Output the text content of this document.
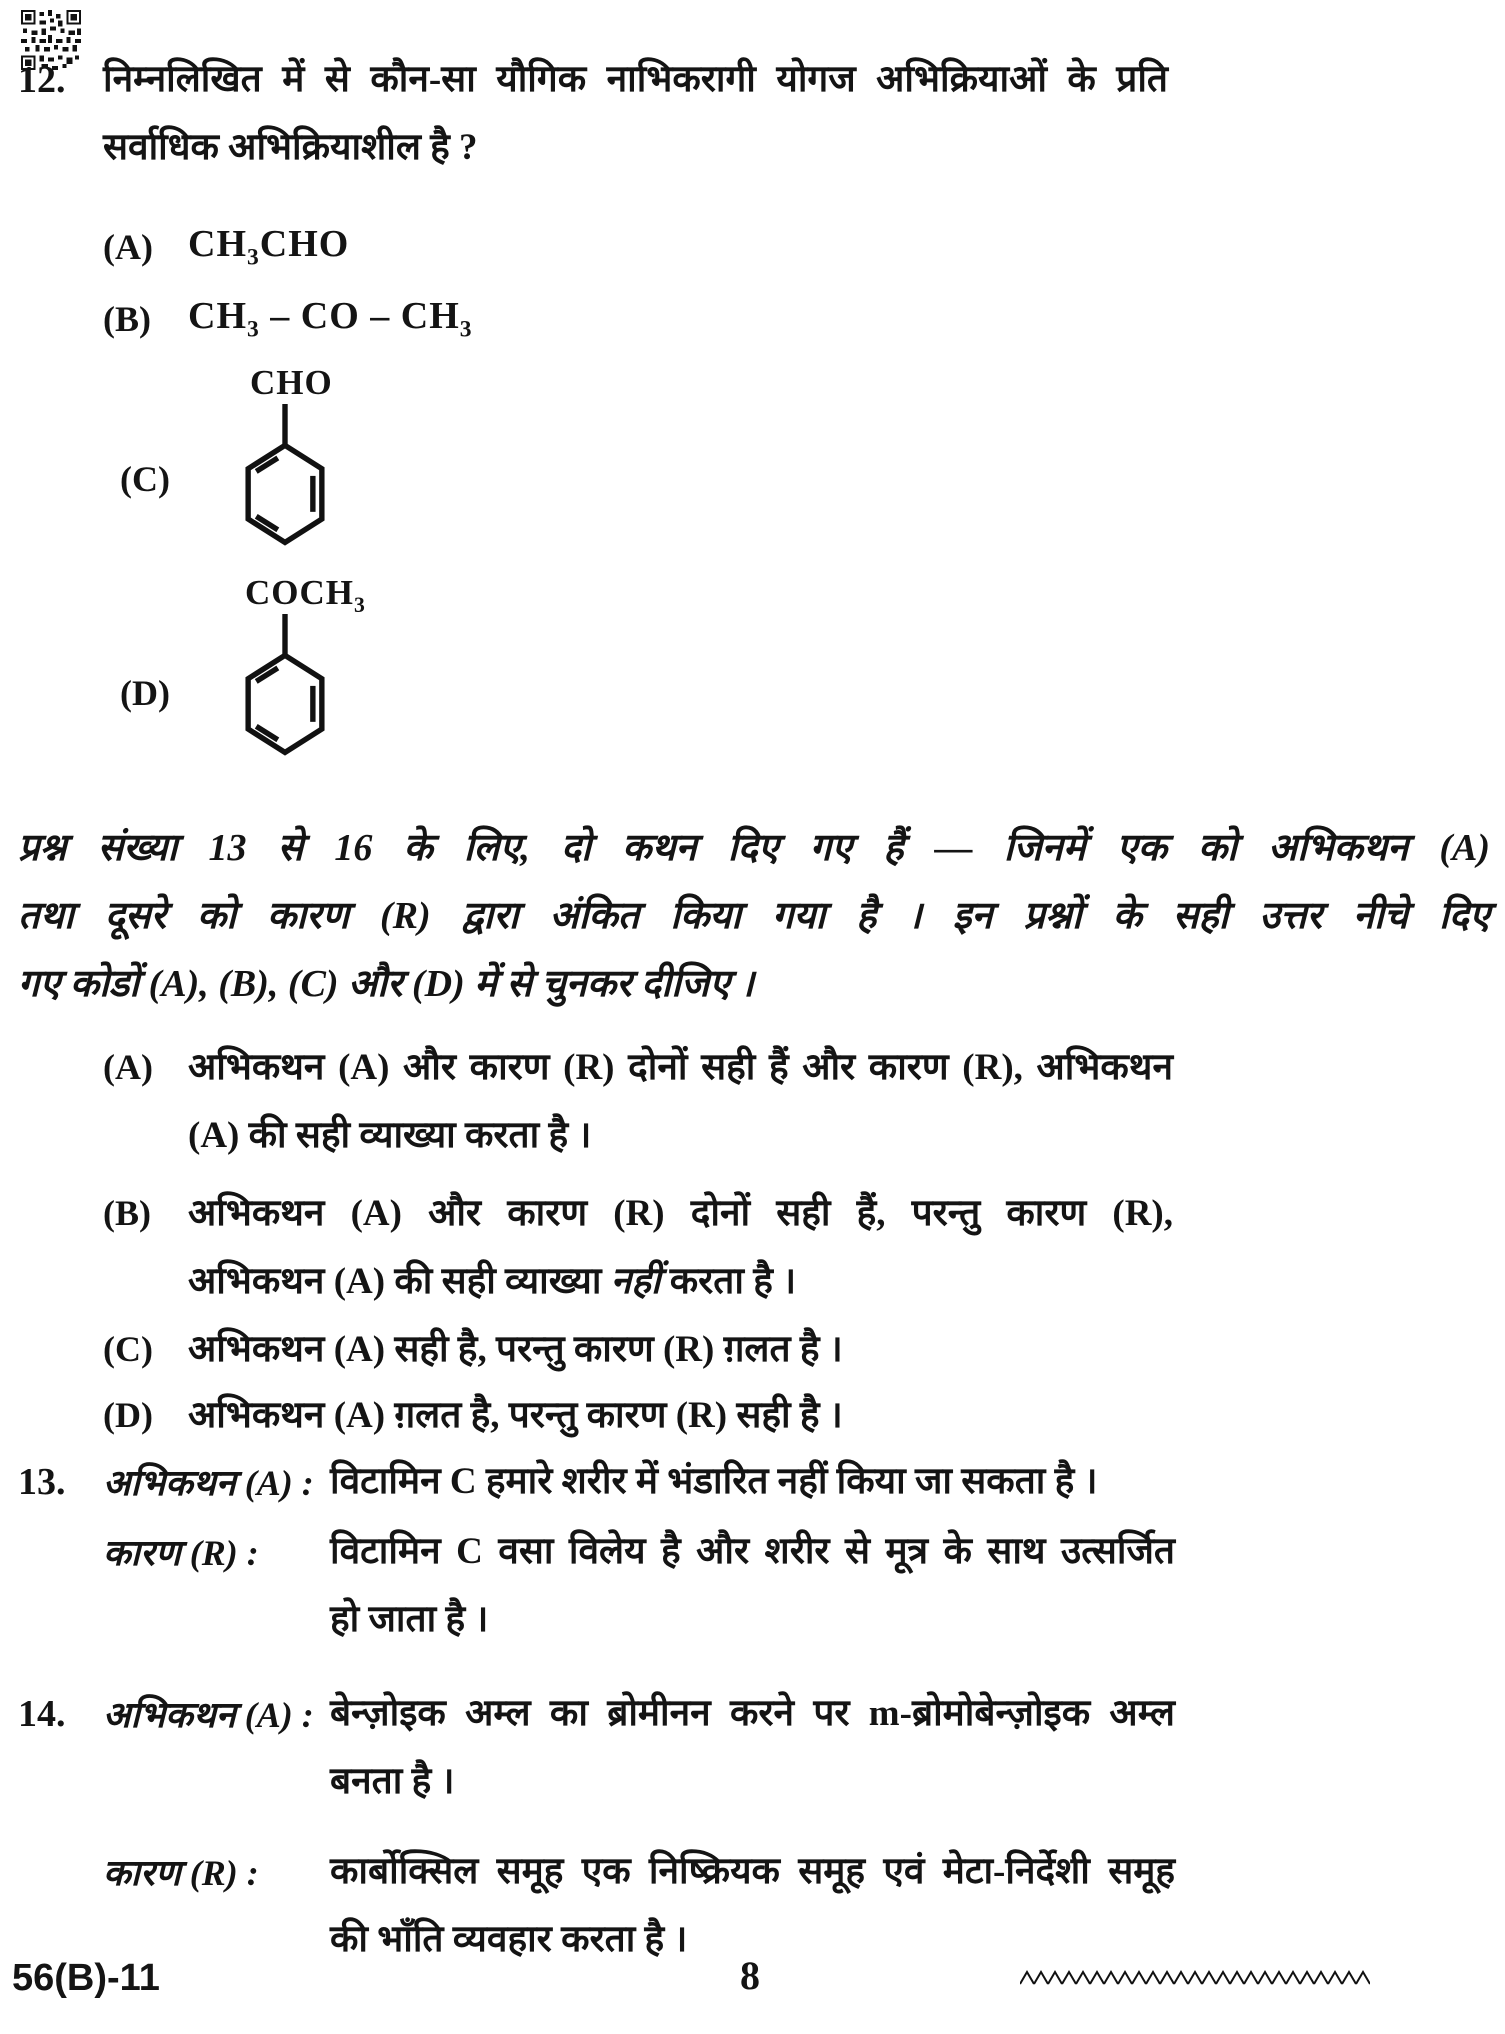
12. निम्नलिखित में से कौन-सा यौगिक नाभिकरागी योगज अभिक्रियाओं के प्रति
सर्वाधिक अभिक्रियाशील है ?
(A) $CH_3CHO$
(B) $CH_3$ – CO – $CH_3$
CHO
(C)
$COCH_3$
(D)
प्रश्न संख्या 13 से 16 के लिए, दो कथन दिए गए हैं — जिनमें एक को अभिकथन (A)
तथा दूसरे को कारण (R) द्वारा अंकित किया गया है । इन प्रश्नों के सही उत्तर नीचे दिए
गए कोडों (A), (B), (C) और (D) में से चुनकर दीजिए ।
(A) अभिकथन (A) और कारण (R) दोनों सही हैं और कारण (R), अभिकथन
(A) की सही व्याख्या करता है ।
(B) अभिकथन (A) और कारण (R) दोनों सही हैं, परन्तु कारण (R),
अभिकथन (A) की सही व्याख्या नहीं करता है ।
(C) अभिकथन (A) सही है, परन्तु कारण (R) ग़लत है ।
(D) अभिकथन (A) ग़लत है, परन्तु कारण (R) सही है ।
13. अभिकथन (A) : विटामिन C हमारे शरीर में भंडारित नहीं किया जा सकता है ।
कारण (R) : विटामिन C वसा विलेय है और शरीर से मूत्र के साथ उत्सर्जित
हो जाता है ।
14. अभिकथन (A) : बेन्ज़ोइक अम्ल का ब्रोमीनन करने पर m-ब्रोमोबेन्ज़ोइक अम्ल
बनता है ।
कारण (R) : कार्बोक्सिल समूह एक निष्क्रियक समूह एवं मेटा-निर्देशी समूह
की भाँति व्यवहार करता है ।
56(B)-11	8
